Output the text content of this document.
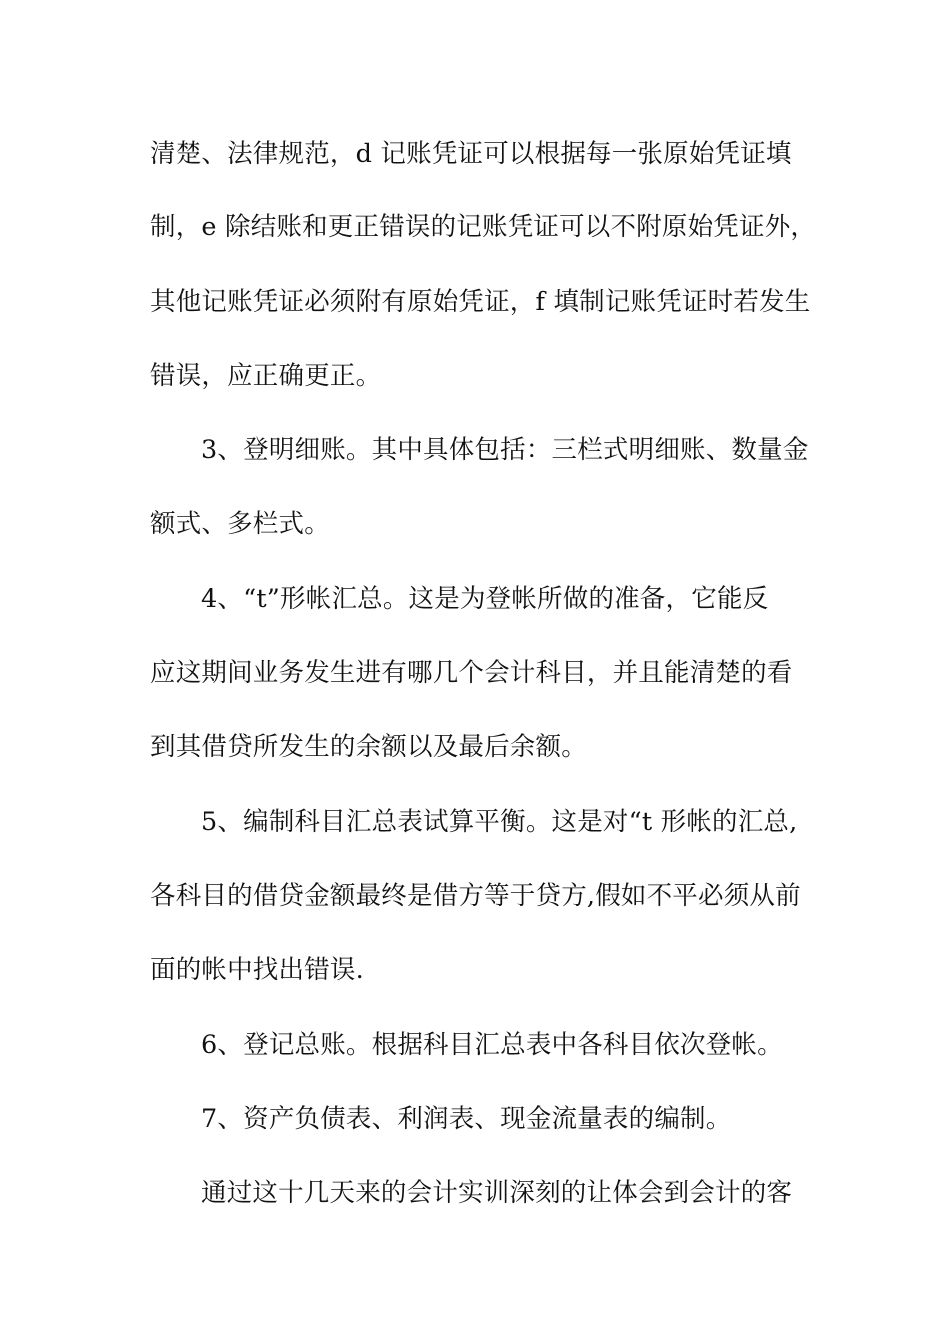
清楚、法律规范，d 记账凭证可以根据每一张原始凭证填
制，e 除结账和更正错误的记账凭证可以不附原始凭证外，
其他记账凭证必须附有原始凭证，f 填制记账凭证时若发生
错误，应正确更正。
3、登明细账。其中具体包括：三栏式明细账、数量金
额式、多栏式。
4、“t”形帐汇总。这是为登帐所做的准备，它能反
应这期间业务发生进有哪几个会计科目，并且能清楚的看
到其借贷所发生的余额以及最后余额。
5、编制科目汇总表试算平衡。这是对“t 形帐的汇总,
各科目的借贷金额最终是借方等于贷方,假如不平必须从前
面的帐中找出错误.
6、登记总账。根据科目汇总表中各科目依次登帐。
7、资产负债表、利润表、现金流量表的编制。
通过这十几天来的会计实训深刻的让体会到会计的客
